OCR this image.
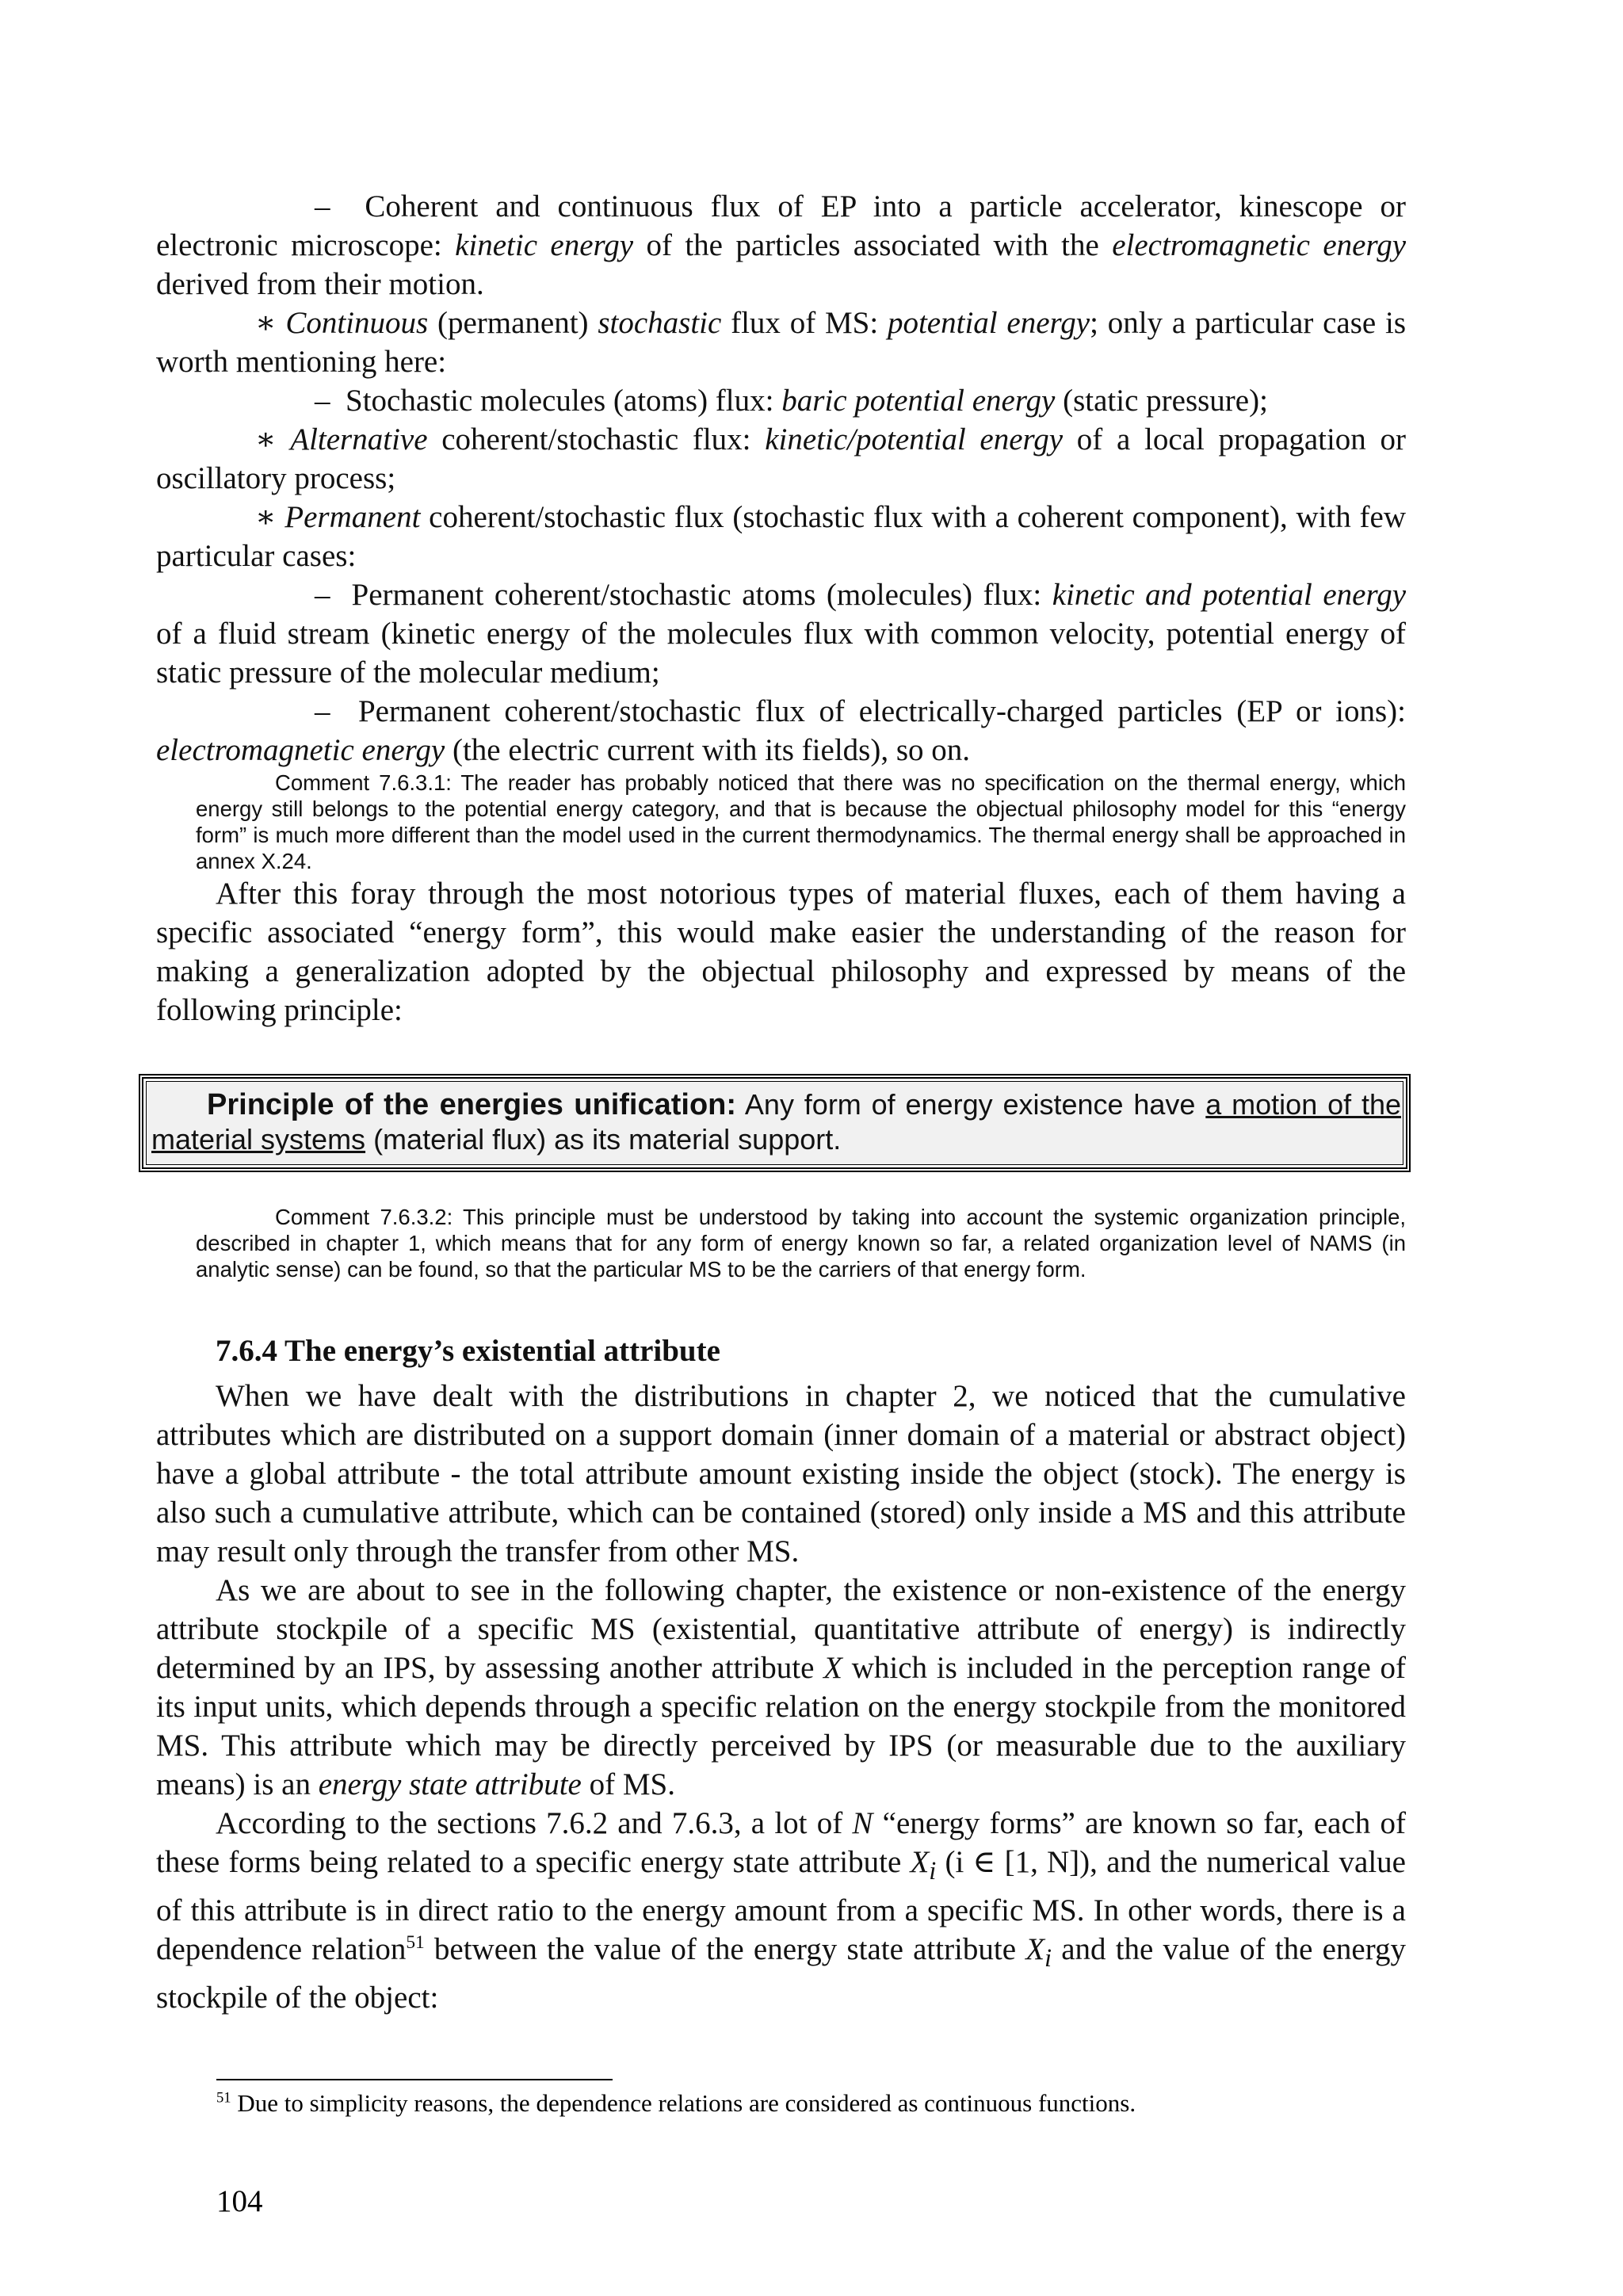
– Coherent and continuous flux of EP into a particle accelerator, kinescope or electronic microscope: kinetic energy of the particles associated with the electromagnetic energy derived from their motion.

∗ Continuous (permanent) stochastic flux of MS: potential energy; only a particular case is worth mentioning here:

– Stochastic molecules (atoms) flux: baric potential energy (static pressure);

∗ Alternative coherent/stochastic flux: kinetic/potential energy of a local propagation or oscillatory process;

∗ Permanent coherent/stochastic flux (stochastic flux with a coherent component), with few particular cases:

– Permanent coherent/stochastic atoms (molecules) flux: kinetic and potential energy of a fluid stream (kinetic energy of the molecules flux with common velocity, potential energy of static pressure of the molecular medium;

– Permanent coherent/stochastic flux of electrically-charged particles (EP or ions): electromagnetic energy (the electric current with its fields), so on.

Comment 7.6.3.1: The reader has probably noticed that there was no specification on the thermal energy, which energy still belongs to the potential energy category, and that is because the objectual philosophy model for this “energy form” is much more different than the model used in the current thermodynamics. The thermal energy shall be approached in annex X.24.

After this foray through the most notorious types of material fluxes, each of them having a specific associated “energy form”, this would make easier the understanding of the reason for making a generalization adopted by the objectual philosophy and expressed by means of the following principle:

Principle of the energies unification: Any form of energy existence have a motion of the material systems (material flux) as its material support.

Comment 7.6.3.2: This principle must be understood by taking into account the systemic organization principle, described in chapter 1, which means that for any form of energy known so far, a related organization level of NAMS (in analytic sense) can be found, so that the particular MS to be the carriers of that energy form.

7.6.4 The energy’s existential attribute

When we have dealt with the distributions in chapter 2, we noticed that the cumulative attributes which are distributed on a support domain (inner domain of a material or abstract object) have a global attribute - the total attribute amount existing inside the object (stock). The energy is also such a cumulative attribute, which can be contained (stored) only inside a MS and this attribute may result only through the transfer from other MS.

As we are about to see in the following chapter, the existence or non-existence of the energy attribute stockpile of a specific MS (existential, quantitative attribute of energy) is indirectly determined by an IPS, by assessing another attribute X which is included in the perception range of its input units, which depends through a specific relation on the energy stockpile from the monitored MS. This attribute which may be directly perceived by IPS (or measurable due to the auxiliary means) is an energy state attribute of MS.

According to the sections 7.6.2 and 7.6.3, a lot of N “energy forms” are known so far, each of these forms being related to a specific energy state attribute $X_i$ (i ∈ [1, N]), and the numerical value of this attribute is in direct ratio to the energy amount from a specific MS. In other words, there is a dependence relation$^{51}$ between the value of the energy state attribute $X_i$ and the value of the energy stockpile of the object:

$^{51}$ Due to simplicity reasons, the dependence relations are considered as continuous functions.
104
